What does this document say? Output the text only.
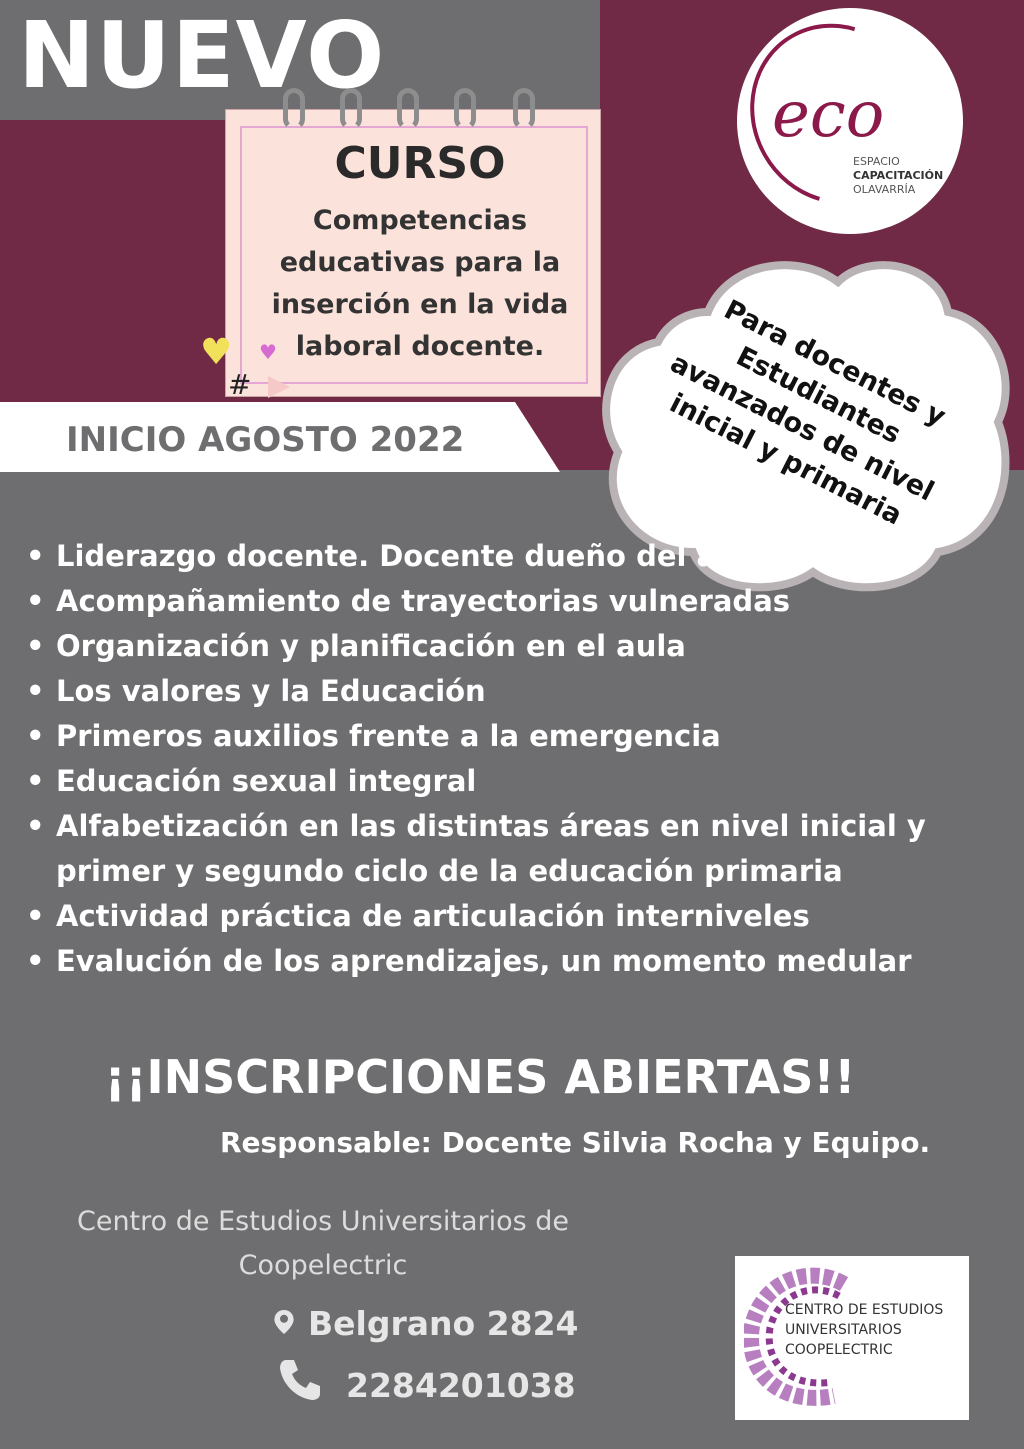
NUEVO
CURSO
Competencias educativas para la inserción en la vida laboral docente.
♥ ♥
#
INICIO AGOSTO 2022
eco
ESPACIO
CAPACITACIÓN
OLAVARRÍA
Para docentes y Estudiantes avanzados de nivel inicial y primaria
• Liderazgo docente. Docente dueño del aula
• Acompañamiento de trayectorias vulneradas
• Organización y planificación en el aula
• Los valores y la Educación
• Primeros auxilios frente a la emergencia
• Educación sexual integral
• Alfabetización en las distintas áreas en nivel inicial y primer y segundo ciclo de la educación primaria
• Actividad práctica de articulación interniveles
• Evalución de los aprendizajes, un momento medular
¡¡INSCRIPCIONES ABIERTAS!!
Responsable: Docente Silvia Rocha y Equipo.
Centro de Estudios Universitarios de Coopelectric
Belgrano 2824
2284201038
CENTRO DE ESTUDIOS
UNIVERSITARIOS
COOPELECTRIC
